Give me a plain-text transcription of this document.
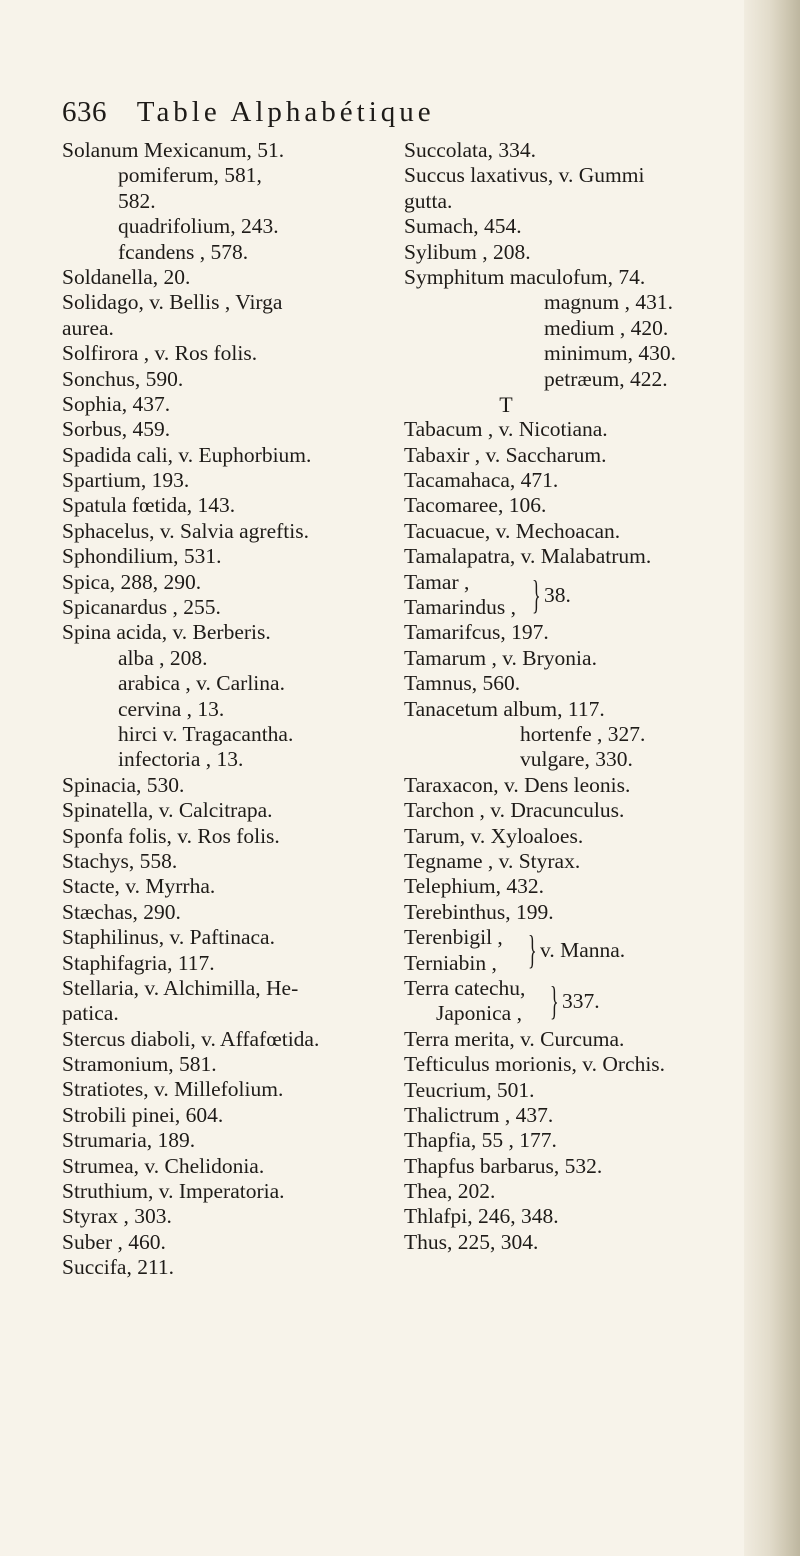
636 Table Alphabétique
Solanum Mexicanum, 51.
pomiferum, 581,
582.
quadrifolium, 243.
fcandens , 578.
Soldanella, 20.
Solidago, v. Bellis , Virga
aurea.
Solfirora , v. Ros folis.
Sonchus, 590.
Sophia, 437.
Sorbus, 459.
Spadida cali, v. Euphorbium.
Spartium, 193.
Spatula fœtida, 143.
Sphacelus, v. Salvia agreftis.
Sphondilium, 531.
Spica, 288, 290.
Spicanardus , 255.
Spina acida, v. Berberis.
alba , 208.
arabica , v. Carlina.
cervina , 13.
hirci v. Tragacantha.
infectoria , 13.
Spinacia, 530.
Spinatella, v. Calcitrapa.
Sponfa folis, v. Ros folis.
Stachys, 558.
Stacte, v. Myrrha.
Stæchas, 290.
Staphilinus, v. Paftinaca.
Staphifagria, 117.
Stellaria, v. Alchimilla, He-
patica.
Stercus diaboli, v. Affafœtida.
Stramonium, 581.
Stratiotes, v. Millefolium.
Strobili pinei, 604.
Strumaria, 189.
Strumea, v. Chelidonia.
Struthium, v. Imperatoria.
Styrax , 303.
Suber , 460.
Succifa, 211.
Succolata, 334.
Succus laxativus, v. Gummi
gutta.
Sumach, 454.
Sylibum , 208.
Symphitum maculofum, 74.
magnum , 431.
medium , 420.
minimum, 430.
petræum, 422.
T
Tabacum , v. Nicotiana.
Tabaxir , v. Saccharum.
Tacamahaca, 471.
Tacomaree, 106.
Tacuacue, v. Mechoacan.
Tamalapatra, v. Malabatrum.
Tamar ,
Tamarindus , } 38.
Tamarifcus, 197.
Tamarum , v. Bryonia.
Tamnus, 560.
Tanacetum album, 117.
hortenfe , 327.
vulgare, 330.
Taraxacon, v. Dens leonis.
Tarchon , v. Dracunculus.
Tarum, v. Xyloaloes.
Tegname , v. Styrax.
Telephium, 432.
Terebinthus, 199.
Terenbigil ,
Terniabin , } v. Manna.
Terra catechu,
Japonica , } 337.
Terra merita, v. Curcuma.
Tefticulus morionis, v. Orchis.
Teucrium, 501.
Thalictrum , 437.
Thapfia, 55 , 177.
Thapfus barbarus, 532.
Thea, 202.
Thlafpi, 246, 348.
Thus, 225, 304.
